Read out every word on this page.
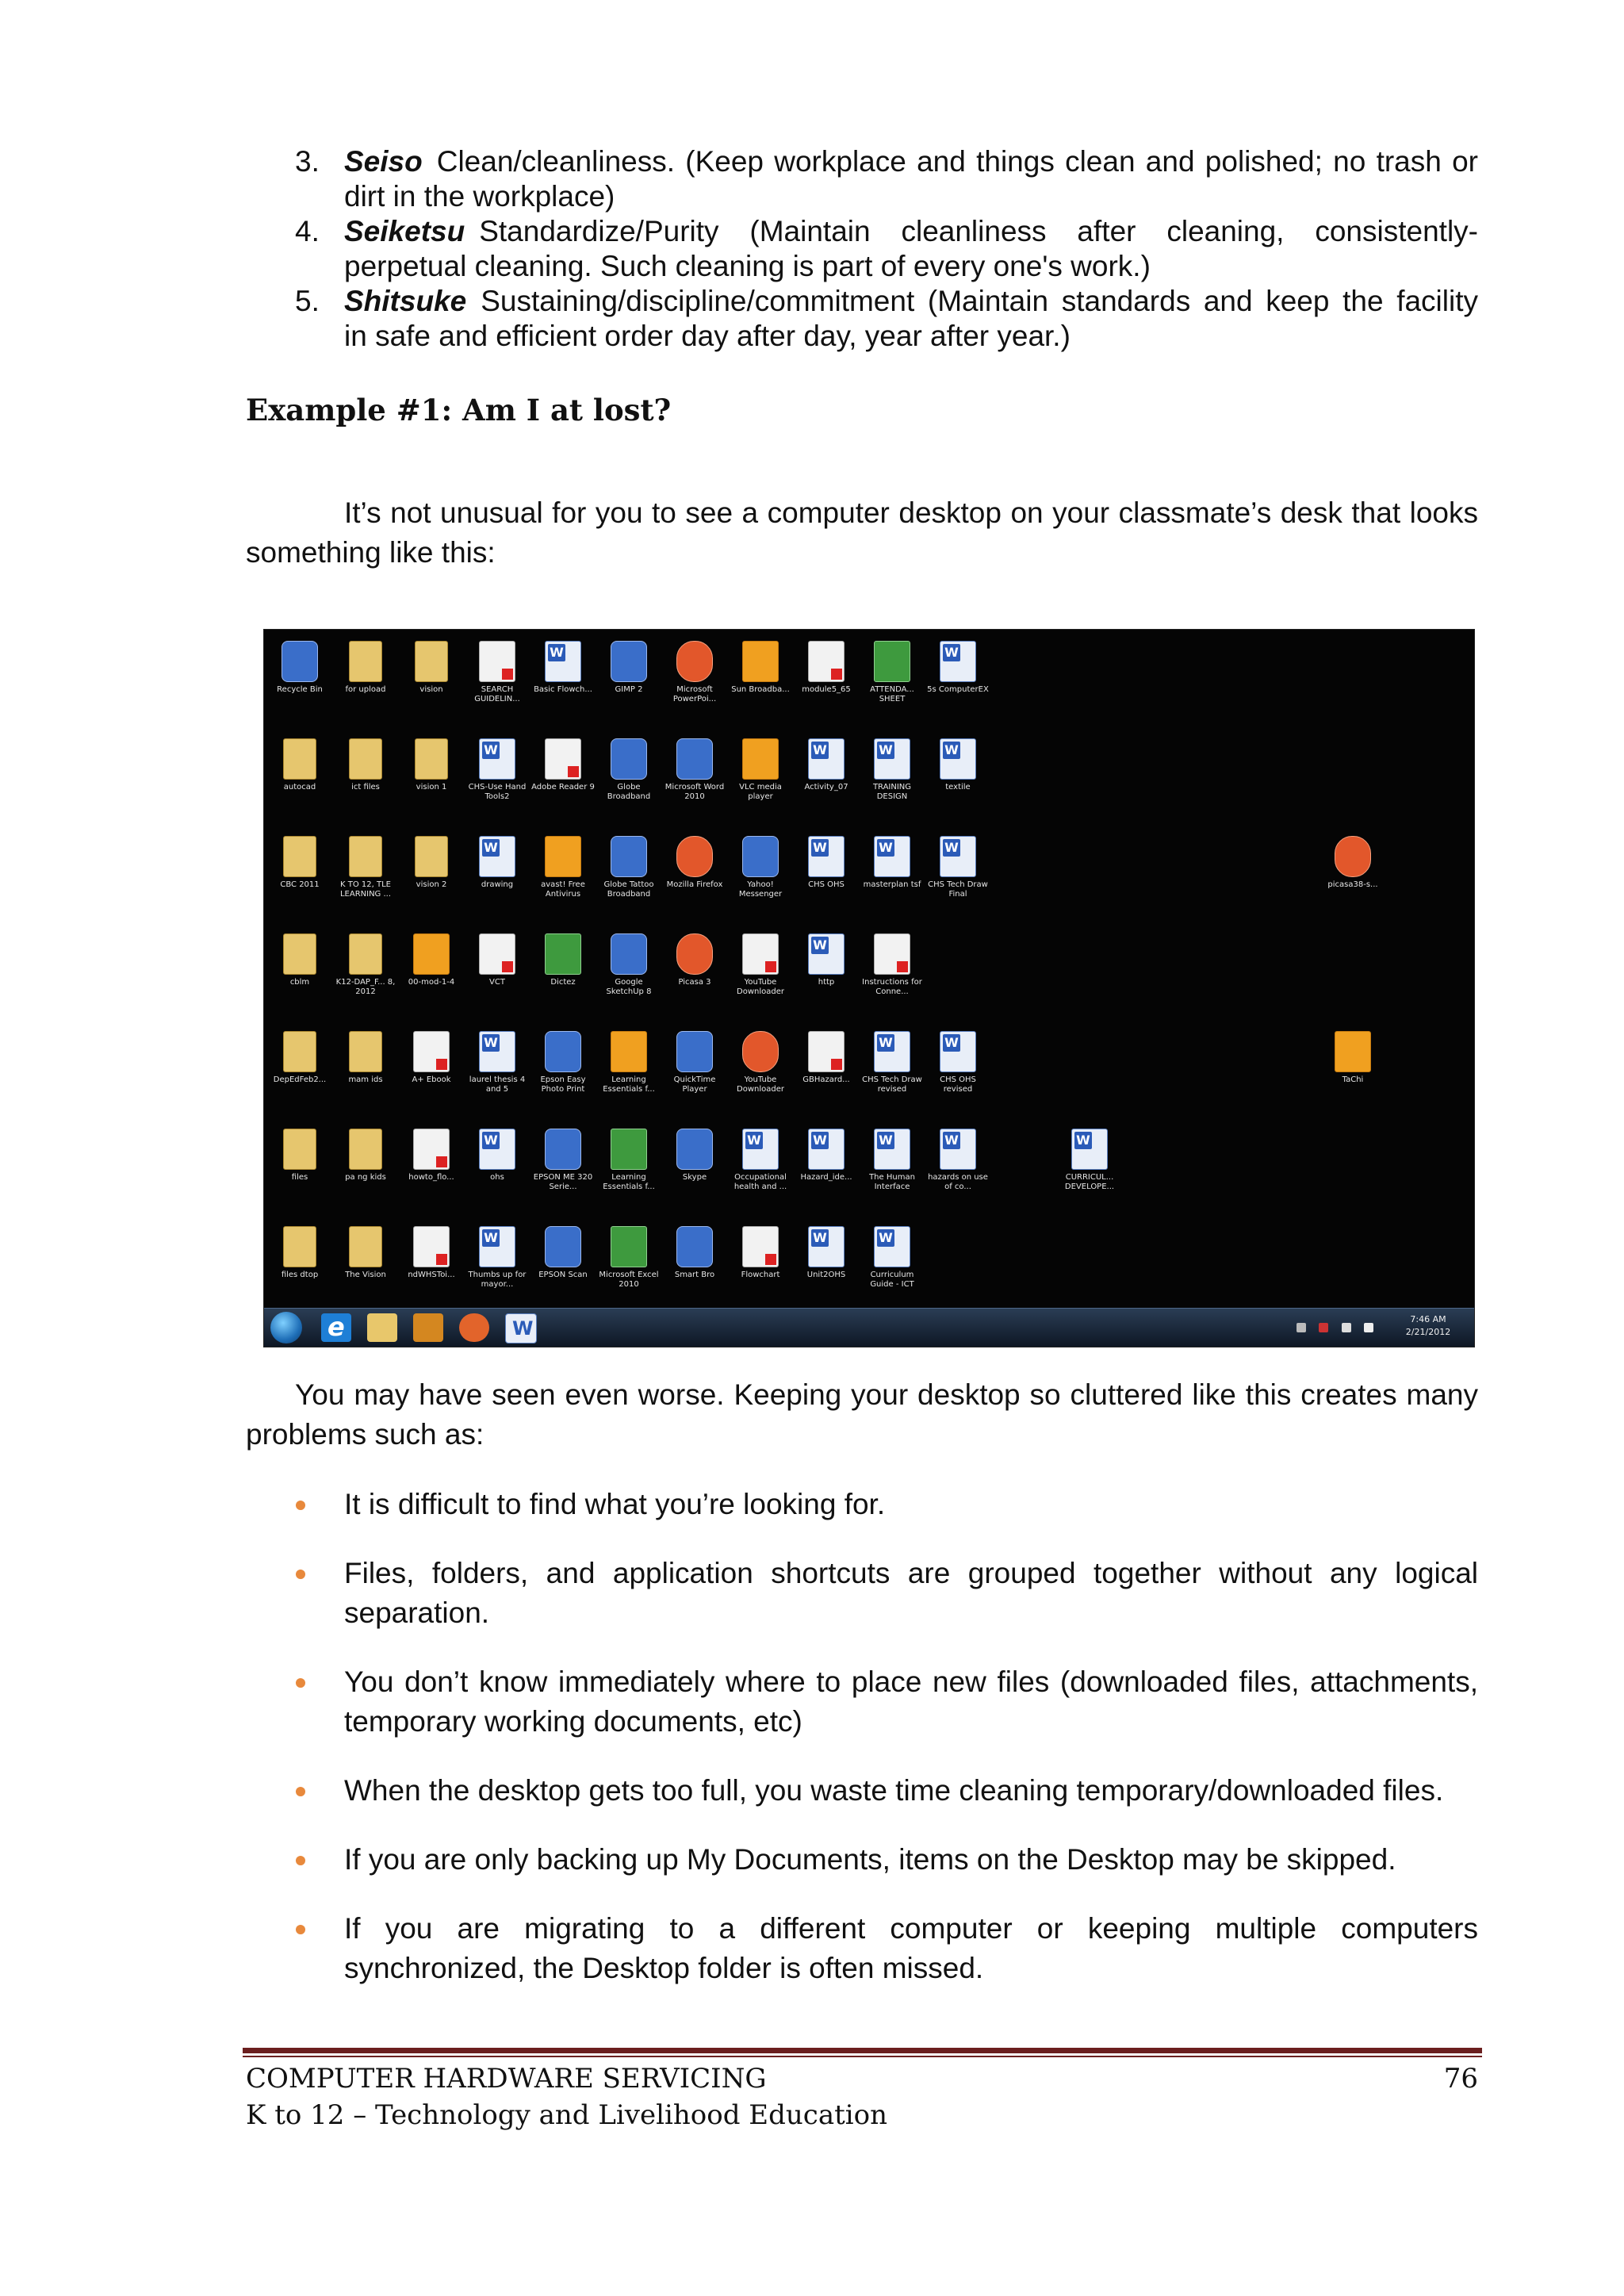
3. Seiso Clean/cleanliness. (Keep workplace and things clean and polished; no trash or dirt in the workplace)
4. Seiketsu Standardize/Purity (Maintain cleanliness after cleaning, consistently-perpetual cleaning. Such cleaning is part of every one's work.)
5. Shitsuke Sustaining/discipline/commitment (Maintain standards and keep the facility in safe and efficient order day after day, year after year.)
Example #1: Am I at lost?
It’s not unusual for you to see a computer desktop on your classmate’s desk that looks something like this:
Recycle Bin	for upload	vision	SEARCH GUIDELIN...
W
Basic Flowch...	GIMP 2	Microsoft PowerPoi...
Sun Broadba...	module5_65	ATTENDA... SHEET
W
5s ComputerEX
autocad	ict files	vision 1
W	CHS-Use Hand Tools2
Adobe Reader 9	Globe Broadband
Microsoft Word 2010
VLC media player
W
Activity_07
W	TRAINING DESIGN
W
textile
CBC 2011	K TO 12, TLE LEARNING ...
vision 2
W	drawing	avast! Free Antivirus
Globe Tattoo Broadband
Mozilla Firefox	Yahoo! Messenger
W
CHS OHS
W	masterplan tsf
W CHS Tech Draw Final
picasa38-s...
cblm	K12-DAP_F... 8, 2012
00-mod-1-4	VCT	Dictez	Google SketchUp 8
Picasa 3	YouTube Downloader
W
http	Instructions for Conne...
DepEdFeb2...	mam ids	A+ Ebook
W	laurel thesis 4 and 5
Epson Easy Photo Print
Learning Essentials f...
QuickTime Player
YouTube Downloader
GBHazard...
W	CHS Tech Draw revised
W
CHS OHS revised
TaChi
files	pa ng kids	howto_flo...
W	ohs	EPSON ME 320 Serie...
Learning Essentials f...
Skype
W	Occupational health and ...
W
Hazard_ide...
W	The Human Interface
W
hazards on use of co...
W
CURRICUL... DEVELOPE...
files dtop	The Vision	ndWHSToi...
W	Thumbs up for mayor...
EPSON Scan	Microsoft Excel 2010
Smart Bro	Flowchart
W	Unit2OHS
W	Curriculum Guide - ICT
e
W

7:46 AM
2/21/2012
You may have seen even worse. Keeping your desktop so cluttered like this creates many problems such as:
It is difficult to find what you’re looking for.
Files, folders, and application shortcuts are grouped together without any logical separation.
You don’t know immediately where to place new files (downloaded files, attachments, temporary working documents, etc)
When the desktop gets too full, you waste time cleaning temporary/downloaded files.
If you are only backing up My Documents, items on the Desktop may be skipped.
If you are migrating to a different computer or keeping multiple computers synchronized, the Desktop folder is often missed.
COMPUTER HARDWARE SERVICING
K to 12 – Technology and Livelihood Education
76
